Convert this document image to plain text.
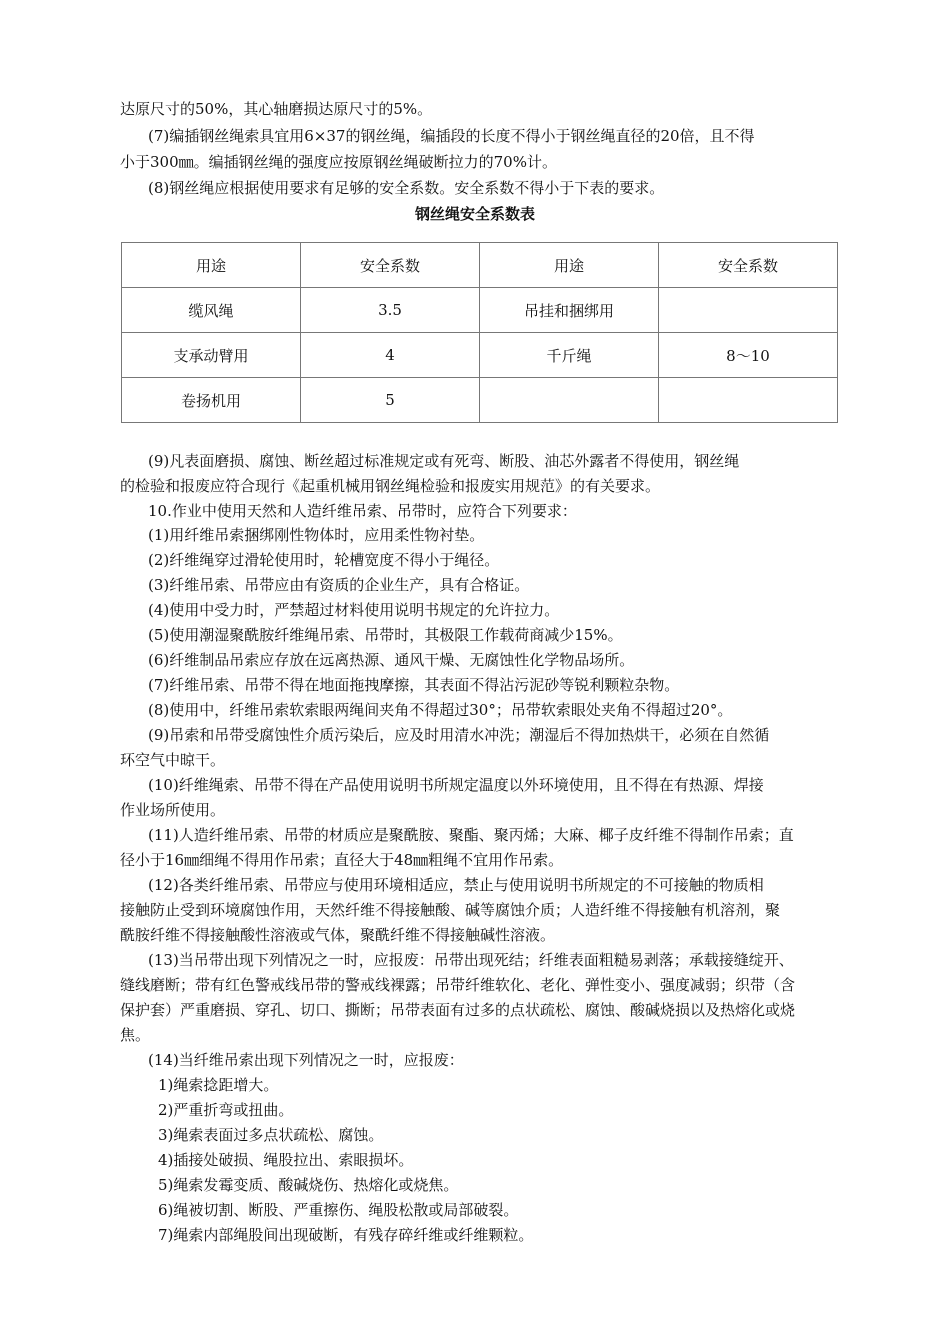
达原尺寸的50%，其心轴磨损达原尺寸的5%。
(7)编插钢丝绳索具宜用6×37的钢丝绳，编插段的长度不得小于钢丝绳直径的20倍，且不得
小于300㎜。编插钢丝绳的强度应按原钢丝绳破断拉力的70%计。
(8)钢丝绳应根据使用要求有足够的安全系数。安全系数不得小于下表的要求。
钢丝绳安全系数表
用途	安全系数	用途	安全系数
缆风绳	3.5	吊挂和捆绑用	
支承动臂用	4	千斤绳	8～10
卷扬机用	5		
(9)凡表面磨损、腐蚀、断丝超过标准规定或有死弯、断股、油芯外露者不得使用，钢丝绳
的检验和报废应符合现行《起重机械用钢丝绳检验和报废实用规范》的有关要求。
10.作业中使用天然和人造纤维吊索、吊带时，应符合下列要求：
(1)用纤维吊索捆绑刚性物体时，应用柔性物衬垫。
(2)纤维绳穿过滑轮使用时，轮槽宽度不得小于绳径。
(3)纤维吊索、吊带应由有资质的企业生产，具有合格证。
(4)使用中受力时，严禁超过材料使用说明书规定的允许拉力。
(5)使用潮湿聚酰胺纤维绳吊索、吊带时，其极限工作载荷商减少15%。
(6)纤维制品吊索应存放在远离热源、通风干燥、无腐蚀性化学物品场所。
(7)纤维吊索、吊带不得在地面拖拽摩擦，其表面不得沾污泥砂等锐利颗粒杂物。
(8)使用中，纤维吊索软索眼两绳间夹角不得超过30°；吊带软索眼处夹角不得超过20°。
(9)吊索和吊带受腐蚀性介质污染后，应及时用清水冲洗；潮湿后不得加热烘干，必须在自然循
环空气中晾干。
(10)纤维绳索、吊带不得在产品使用说明书所规定温度以外环境使用，且不得在有热源、焊接
作业场所使用。
(11)人造纤维吊索、吊带的材质应是聚酰胺、聚酯、聚丙烯；大麻、椰子皮纤维不得制作吊索；直
径小于16㎜细绳不得用作吊索；直径大于48㎜粗绳不宜用作吊索。
(12)各类纤维吊索、吊带应与使用环境相适应，禁止与使用说明书所规定的不可接触的物质相
接触防止受到环境腐蚀作用，天然纤维不得接触酸、碱等腐蚀介质；人造纤维不得接触有机溶剂，聚
酰胺纤维不得接触酸性溶液或气体，聚酰纤维不得接触碱性溶液。
(13)当吊带出现下列情况之一时，应报废：吊带出现死结；纤维表面粗糙易剥落；承载接缝绽开、
缝线磨断；带有红色警戒线吊带的警戒线裸露；吊带纤维软化、老化、弹性变小、强度减弱；织带（含
保护套）严重磨损、穿孔、切口、撕断；吊带表面有过多的点状疏松、腐蚀、酸碱烧损以及热熔化或烧
焦。
(14)当纤维吊索出现下列情况之一时，应报废：
1)绳索捻距增大。
2)严重折弯或扭曲。
3)绳索表面过多点状疏松、腐蚀。
4)插接处破损、绳股拉出、索眼损坏。
5)绳索发霉变质、酸碱烧伤、热熔化或烧焦。
6)绳被切割、断股、严重擦伤、绳股松散或局部破裂。
7)绳索内部绳股间出现破断，有残存碎纤维或纤维颗粒。
